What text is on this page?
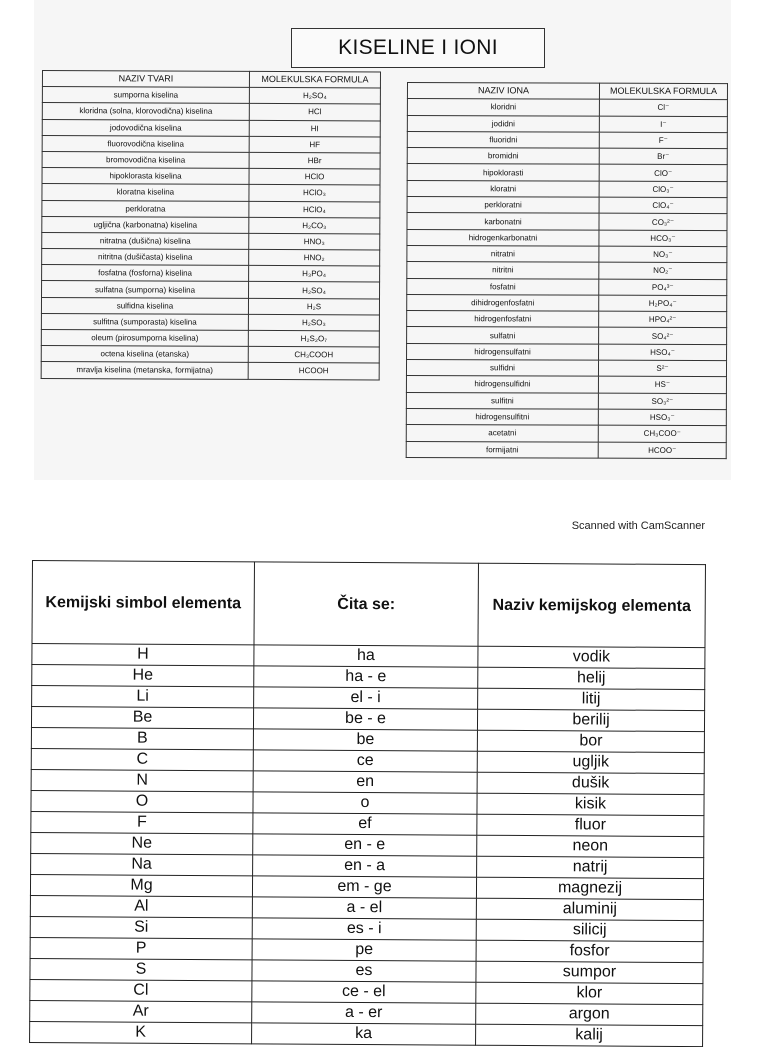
KISELINE I IONI
NAZIV TVARI	MOLEKULSKA FORMULA
sumporna kiselina	H₂SO₄
kloridna (solna, klorovodična) kiselina	HCl
jodovodična kiselina	HI
fluorovodična kiselina	HF
bromovodična kiselina	HBr
hipoklorasta kiselina	HClO
kloratna kiselina	HClO₃
perkloratna	HClO₄
ugljična (karbonatna) kiselina	H₂CO₃
nitratna (dušična) kiselina	HNO₃
nitritna (dušičasta) kiselina	HNO₂
fosfatna (fosforna) kiselina	H₃PO₄
sulfatna (sumporna) kiselina	H₂SO₄
sulfidna kiselina	H₂S
sulfitna (sumporasta) kiselina	H₂SO₃
oleum (pirosumporna kiselina)	H₂S₂O₇
octena kiselina (etanska)	CH₃COOH
mravlja kiselina (metanska, formijatna)	HCOOH
NAZIV IONA	MOLEKULSKA FORMULA
kloridni	Cl⁻
jodidni	I⁻
fluoridni	F⁻
bromidni	Br⁻
hipoklorasti	ClO⁻
kloratni	ClO₃⁻
perkloratni	ClO₄⁻
karbonatni	CO₃²⁻
hidrogenkarbonatni	HCO₃⁻
nitratni	NO₃⁻
nitritni	NO₂⁻
fosfatni	PO₄³⁻
dihidrogenfosfatni	H₂PO₄⁻
hidrogenfosfatni	HPO₄²⁻
sulfatni	SO₄²⁻
hidrogensulfatni	HSO₄⁻
sulfidni	S²⁻
hidrogensulfidni	HS⁻
sulfitni	SO₃²⁻
hidrogensulfitni	HSO₃⁻
acetatni	CH₃COO⁻
formijatni	HCOO⁻
Scanned with CamScanner
Kemijski simbol elementa	Čita se:	Naziv kemijskog elementa
H	ha	vodik
He	ha - e	helij
Li	el - i	litij
Be	be - e	berilij
B	be	bor
C	ce	ugljik
N	en	dušik
O	o	kisik
F	ef	fluor
Ne	en - e	neon
Na	en - a	natrij
Mg	em - ge	magnezij
Al	a - el	aluminij
Si	es - i	silicij
P	pe	fosfor
S	es	sumpor
Cl	ce - el	klor
Ar	a - er	argon
K	ka	kalij
